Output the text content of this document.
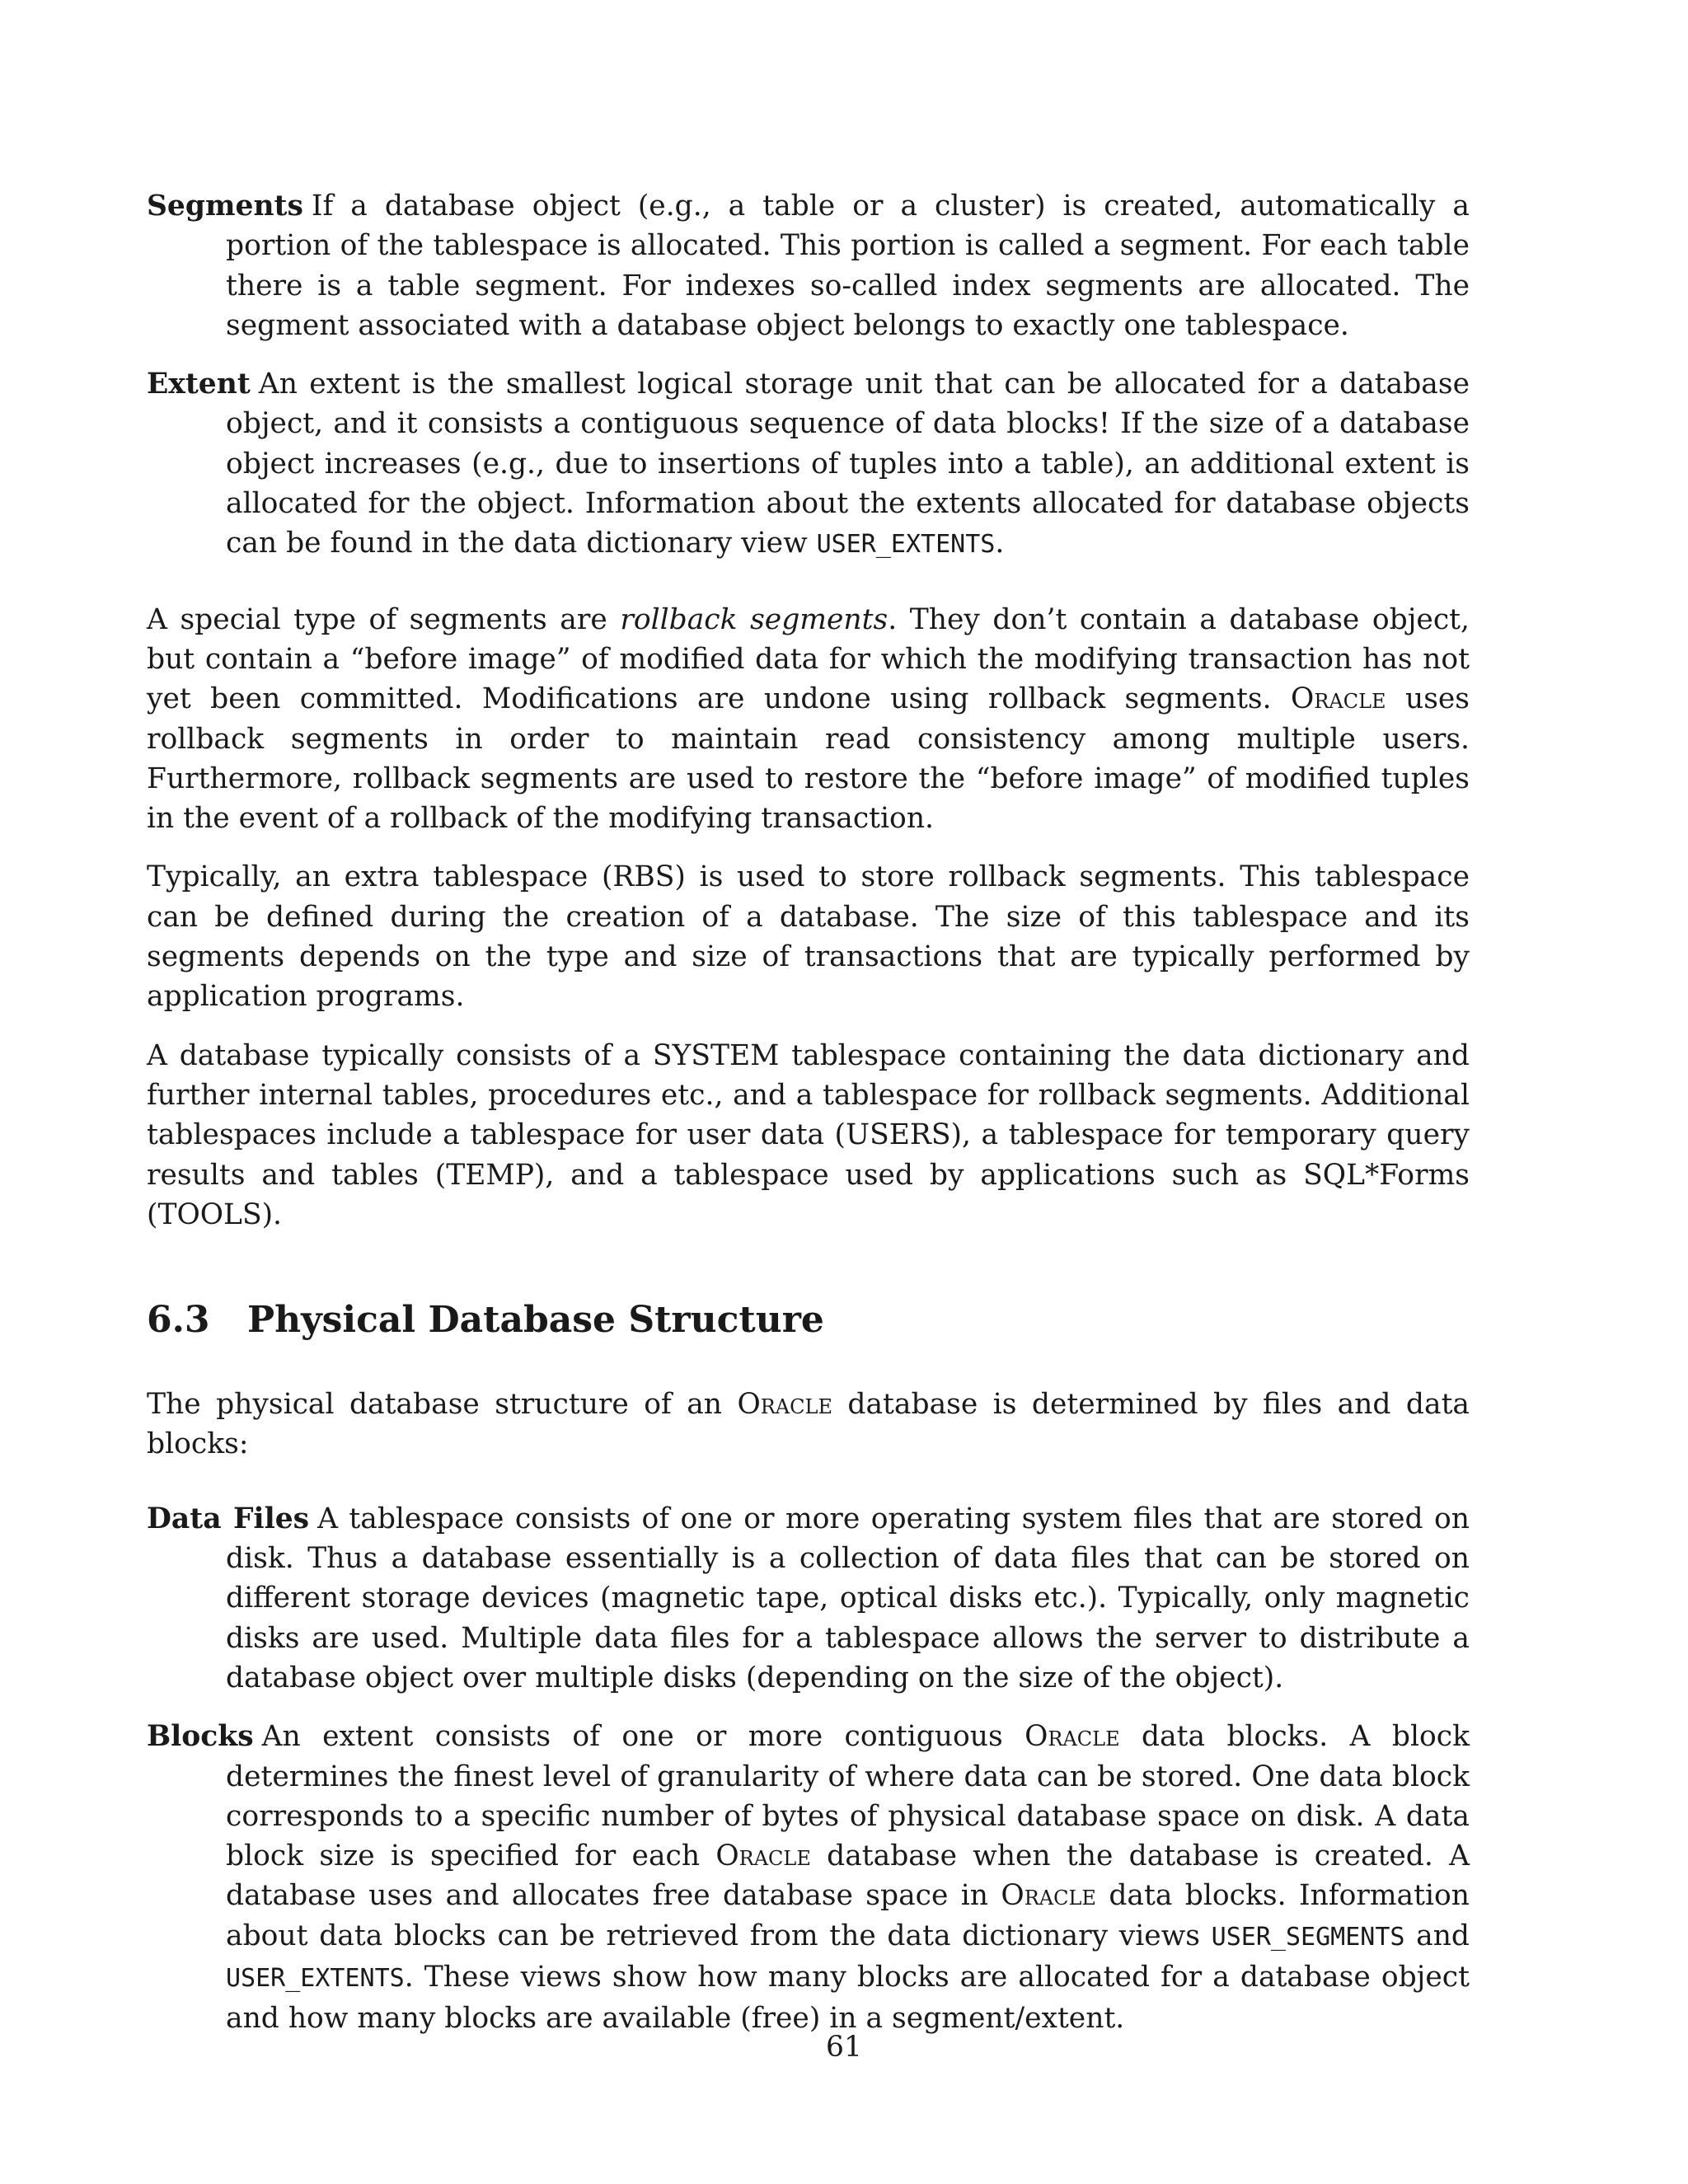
Segments If a database object (e.g., a table or a cluster) is created, automatically a portion of the tablespace is allocated. This portion is called a segment. For each table there is a table segment. For indexes so-called index segments are allocated. The segment associated with a database object belongs to exactly one tablespace.

Extent An extent is the smallest logical storage unit that can be allocated for a database object, and it consists a contiguous sequence of data blocks! If the size of a database object increases (e.g., due to insertions of tuples into a table), an additional extent is allocated for the object. Information about the extents allocated for database objects can be found in the data dictionary view USER_EXTENTS.

A special type of segments are rollback segments. They don’t contain a database object, but contain a “before image” of modified data for which the modifying transaction has not yet been committed. Modifications are undone using rollback segments. Oracle uses rollback segments in order to maintain read consistency among multiple users. Furthermore, rollback segments are used to restore the “before image” of modified tuples in the event of a rollback of the modifying transaction.

Typically, an extra tablespace (RBS) is used to store rollback segments. This tablespace can be defined during the creation of a database. The size of this tablespace and its segments depends on the type and size of transactions that are typically performed by application programs.

A database typically consists of a SYSTEM tablespace containing the data dictionary and further internal tables, procedures etc., and a tablespace for rollback segments. Additional tablespaces include a tablespace for user data (USERS), a tablespace for temporary query results and tables (TEMP), and a tablespace used by applications such as SQL*Forms (TOOLS).

6.3 Physical Database Structure

The physical database structure of an Oracle database is determined by files and data blocks:

Data Files A tablespace consists of one or more operating system files that are stored on disk. Thus a database essentially is a collection of data files that can be stored on different storage devices (magnetic tape, optical disks etc.). Typically, only magnetic disks are used. Multiple data files for a tablespace allows the server to distribute a database object over multiple disks (depending on the size of the object).

Blocks An extent consists of one or more contiguous Oracle data blocks. A block determines the finest level of granularity of where data can be stored. One data block corresponds to a specific number of bytes of physical database space on disk. A data block size is specified for each Oracle database when the database is created. A database uses and allocates free database space in Oracle data blocks. Information about data blocks can be retrieved from the data dictionary views USER_SEGMENTS and USER_EXTENTS. These views show how many blocks are allocated for a database object and how many blocks are available (free) in a segment/extent.

61
